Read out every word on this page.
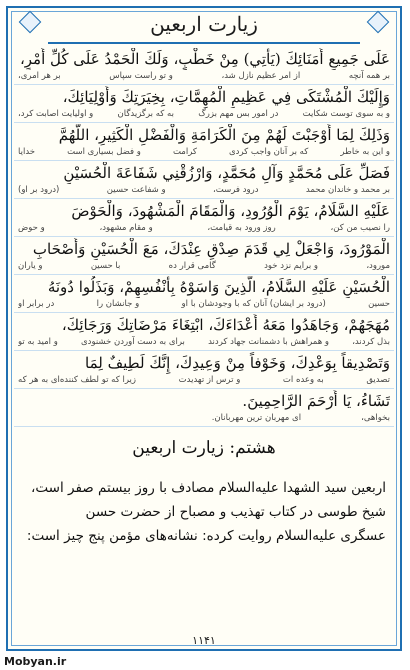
زیارت اربعین
عَلَى جَمِيعِ أُمَنَائِكَ (يَأْتِي) مِنْ خَطْبٍ، وَلَكَ الْحَمْدُ عَلَى كُلِّ أَمْرٍ،
بر همه آنچه
از امر عظیم نازل شد،
و تو راست سپاس
بر هر امری،
وَإِلَيْكَ الْمُشْتَكَى فِي عَظِيمِ الْمُهِمَّاتِ، بِخِيَرَتِكَ وَأَوْلِيَائِكَ،
و به سوی توست شکایت
در امور بس مهم بزرگ
به که برگزیدگان
و اولیایت اصابت کرد،
وَذَلِكَ لِمَا أَوْجَبْتَ لَهُمْ مِنَ الْكَرَامَةِ وَالْفَضْلِ الْكَثِيرِ، اللَّهُمَّ
و این به خاطر
که بر آنان واجب کردی
کرامت
و فضل بسیاری است
خدایا
فَصَلِّ عَلَى مُحَمَّدٍ وَآلِ مُحَمَّدٍ، وَارْزُقْنِي شَفَاعَةَ الْحُسَيْنِ
بر محمد و خاندان محمد
درود فرست،
و شفاعت حسین
(درود بر او)
عَلَيْهِ السَّلَامُ، يَوْمَ الْوُرُودِ، وَالْمَقَامَ الْمَشْهُودَ، وَالْحَوْضَ
را نصیب من کن،
روز ورود به قیامت،
و مقام مشهود،
و حوض
الْمَوْرُودَ، وَاجْعَلْ لِي قَدَمَ صِدْقٍ عِنْدَكَ، مَعَ الْحُسَيْنِ وَأَصْحَابِ
مورود،
و برایم نزد خود
گامی قرار ده
با حسین
و یاران
الْحُسَيْنِ عَلَيْهِ السَّلَامُ، الَّذِينَ وَاسَوْهُ بِأَنْفُسِهِمْ، وَبَذَلُوا دُونَهُ
حسین
(درود بر ایشان) آنان که با وجودشان با او
و جانشان را
در برابر او
مُهَجَهُمْ، وَجَاهَدُوا مَعَهُ أَعْدَاءَكَ، ابْتِغَاءَ مَرْضَاتِكَ وَرَجَائِكَ،
بذل کردند،
و همراهش با دشمنانت جهاد کردند
برای به دست آوردن خشنودی
و امید به تو
وَتَصْدِيقاً بِوَعْدِكَ، وَخَوْفاً مِنْ وَعِيدِكَ، إِنَّكَ لَطِيفٌ لِمَا
تصدیق
به وعده ات
و ترس از تهدیدت
زیرا که تو لطف کننده‌ای به هر که
تَشَاءُ، يَا أَرْحَمَ الرَّاحِمِينَ.
بخواهی،
ای مهربان ترین مهربانان.
هشتم: زیارت اربعین
اربعین سید الشهدا علیه‌السلام مصادف با روز بیستم صفر است،
شیخ طوسی در کتاب تهذیب و مصباح از حضرت حسن
عسگری علیه‌السلام روایت کرده: نشانه‌های مؤمن پنج چیز است:
۱۱۴۱
Mobyan.ir
